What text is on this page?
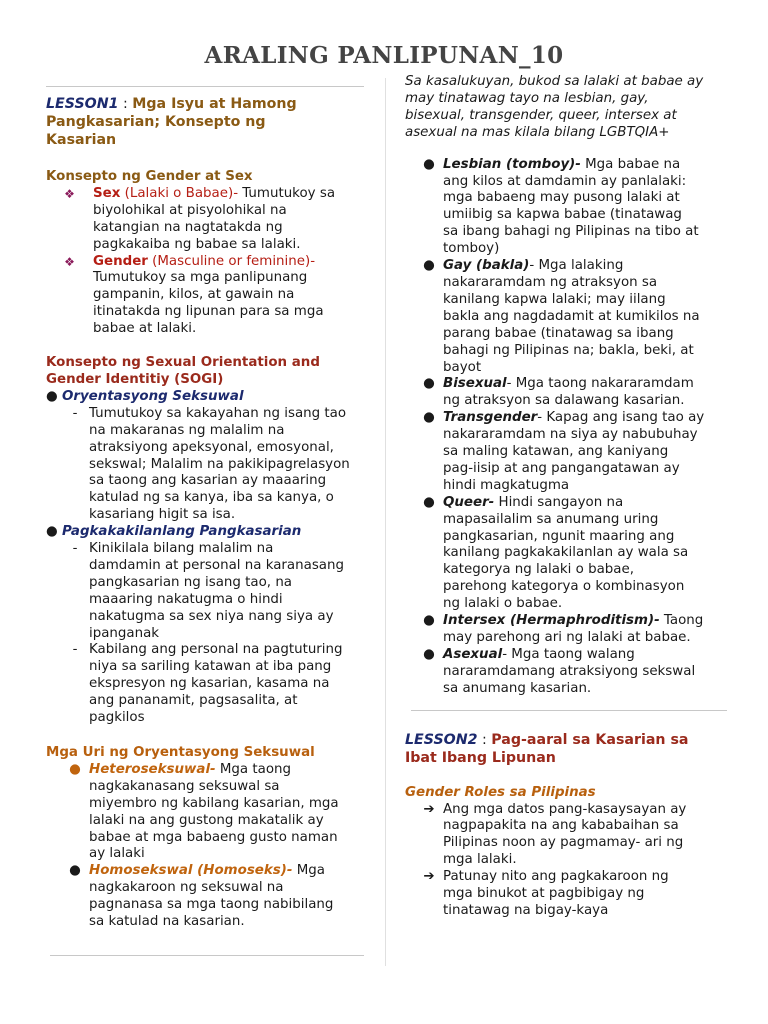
ARALING PANLIPUNAN_10
LESSON1 : Mga Isyu at Hamong
Pangkasarian; Konsepto ng
Kasarian
Konsepto ng Gender at Sex
❖	Sex (Lalaki o Babae)- Tumutukoy sa
biyolohikal at pisyolohikal na
katangian na nagtatakda ng
pagkakaiba ng babae sa lalaki.
❖	Gender (Masculine or feminine)-
Tumutukoy sa mga panlipunang
gampanin, kilos, at gawain na
itinatakda ng lipunan para sa mga
babae at lalaki.
Konsepto ng Sexual Orientation and
Gender Identitiy (SOGI)
● Oryentasyong Seksuwal
- Tumutukoy sa kakayahan ng isang tao
na makaranas ng malalim na
atraksiyong apeksyonal, emosyonal,
sekswal; Malalim na pakikipagrelasyon
sa taong ang kasarian ay maaaring
katulad ng sa kanya, iba sa kanya, o
kasariang higit sa isa.
● Pagkakakilanlang Pangkasarian
- Kinikilala bilang malalim na
damdamin at personal na karanasang
pangkasarian ng isang tao, na
maaaring nakatugma o hindi
nakatugma sa sex niya nang siya ay
ipanganak
- Kabilang ang personal na pagtuturing
niya sa sariling katawan at iba pang
ekspresyon ng kasarian, kasama na
ang pananamit, pagsasalita, at
pagkilos
Mga Uri ng Oryentasyong Seksuwal
● Heteroseksuwal- Mga taong
nagkakanasang seksuwal sa
miyembro ng kabilang kasarian, mga
lalaki na ang gustong makatalik ay
babae at mga babaeng gusto naman
ay lalaki
● Homosekswal (Homoseks)- Mga
nagkakaroon ng seksuwal na
pagnanasa sa mga taong nabibilang
sa katulad na kasarian.
Sa kasalukuyan, bukod sa lalaki at babae ay
may tinatawag tayo na lesbian, gay,
bisexual, transgender, queer, intersex at
asexual na mas kilala bilang LGBTQIA+
● Lesbian (tomboy)- Mga babae na
ang kilos at damdamin ay panlalaki:
mga babaeng may pusong lalaki at
umiibig sa kapwa babae (tinatawag
sa ibang bahagi ng Pilipinas na tibo at
tomboy)
● Gay (bakla)- Mga lalaking
nakararamdam ng atraksyon sa
kanilang kapwa lalaki; may iilang
bakla ang nagdadamit at kumikilos na
parang babae (tinatawag sa ibang
bahagi ng Pilipinas na; bakla, beki, at
bayot
● Bisexual- Mga taong nakararamdam
ng atraksyon sa dalawang kasarian.
● Transgender- Kapag ang isang tao ay
nakararamdam na siya ay nabubuhay
sa maling katawan, ang kaniyang
pag-iisip at ang pangangatawan ay
hindi magkatugma
● Queer- Hindi sangayon na
mapasailalim sa anumang uring
pangkasarian, ngunit maaring ang
kanilang pagkakakilanlan ay wala sa
kategorya ng lalaki o babae,
parehong kategorya o kombinasyon
ng lalaki o babae.
● Intersex (Hermaphroditism)- Taong
may parehong ari ng lalaki at babae.
● Asexual- Mga taong walang
nararamdamang atraksiyong sekswal
sa anumang kasarian.
LESSON2 : Pag-aaral sa Kasarian sa
Ibat Ibang Lipunan
Gender Roles sa Pilipinas
➔ Ang mga datos pang-kasaysayan ay
nagpapakita na ang kababaihan sa
Pilipinas noon ay pagmamay- ari ng
mga lalaki.
➔ Patunay nito ang pagkakaroon ng
mga binukot at pagbibigay ng
tinatawag na bigay-kaya
